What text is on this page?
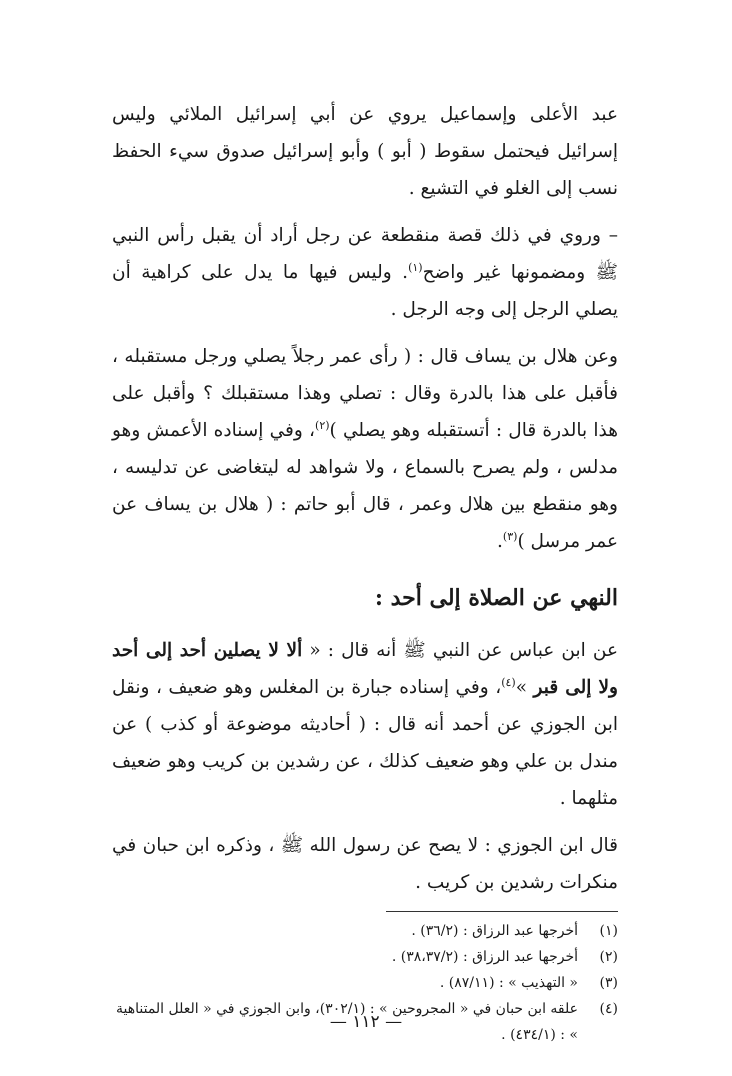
عبد الأعلى وإسماعيل يروي عن أبي إسرائيل الملائي وليس إسرائيل فيحتمل سقوط ( أبو ) وأبو إسرائيل صدوق سيء الحفظ نسب إلى الغلو في التشيع .

– وروي في ذلك قصة منقطعة عن رجل أراد أن يقبل رأس النبي ﷺ ومضمونها غير واضح$^{(١)}$. وليس فيها ما يدل على كراهية أن يصلي الرجل إلى وجه الرجل .

وعن هلال بن يساف قال : ( رأى عمر رجلاً يصلي ورجل مستقبله ، فأقبل على هذا بالدرة وقال : تصلي وهذا مستقبلك ؟ وأقبل على هذا بالدرة قال : أتستقبله وهو يصلي )$^{(٢)}$، وفي إسناده الأعمش وهو مدلس ، ولم يصرح بالسماع ، ولا شواهد له ليتغاضى عن تدليسه ، وهو منقطع بين هلال وعمر ، قال أبو حاتم : ( هلال بن يساف عن عمر مرسل )$^{(٣)}$.

النهي عن الصلاة إلى أحد :

عن ابن عباس عن النبي ﷺ أنه قال : « ألا لا يصلين أحد إلى أحد ولا إلى قبر »$^{(٤)}$، وفي إسناده جبارة بن المغلس وهو ضعيف ، ونقل ابن الجوزي عن أحمد أنه قال : ( أحاديثه موضوعة أو كذب ) عن مندل بن علي وهو ضعيف كذلك ، عن رشدين بن كريب وهو ضعيف مثلهما .

قال ابن الجوزي : لا يصح عن رسول الله ﷺ ، وذكره ابن حبان في منكرات رشدين بن كريب .

(١)
أخرجها عبد الرزاق : (٣٦/٢) .
(٢)
أخرجها عبد الرزاق : (٣٨،٣٧/٢) .
(٣)
« التهذيب » : (٨٧/١١) .
(٤)
علقه ابن حبان في « المجروحين » : (٣٠٢/١)، وابن الجوزي في « العلل المتناهية » : (٤٣٤/١) .
— ١١٢ —
